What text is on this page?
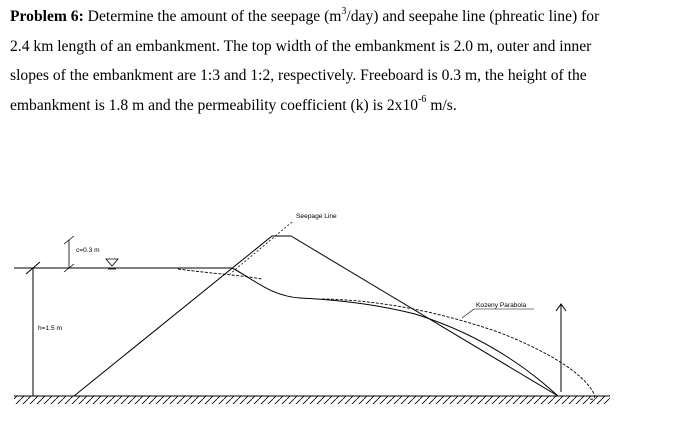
Problem 6: Determine the amount of the seepage $(m^3/day)$ and seepahe line (phreatic line) for
2.4 km length of an embankment. The top width of the embankment is 2.0 m, outer and inner
slopes of the embankment are 1:3 and 1:2, respectively. Freeboard is 0.3 m, the height of the
embankment is 1.8 m and the permeability coefficient (k) is $2x10^{-6}$ m/s.
c=0.3 m
h=1.5 m
Seepage Line
Kozeny Parabola
